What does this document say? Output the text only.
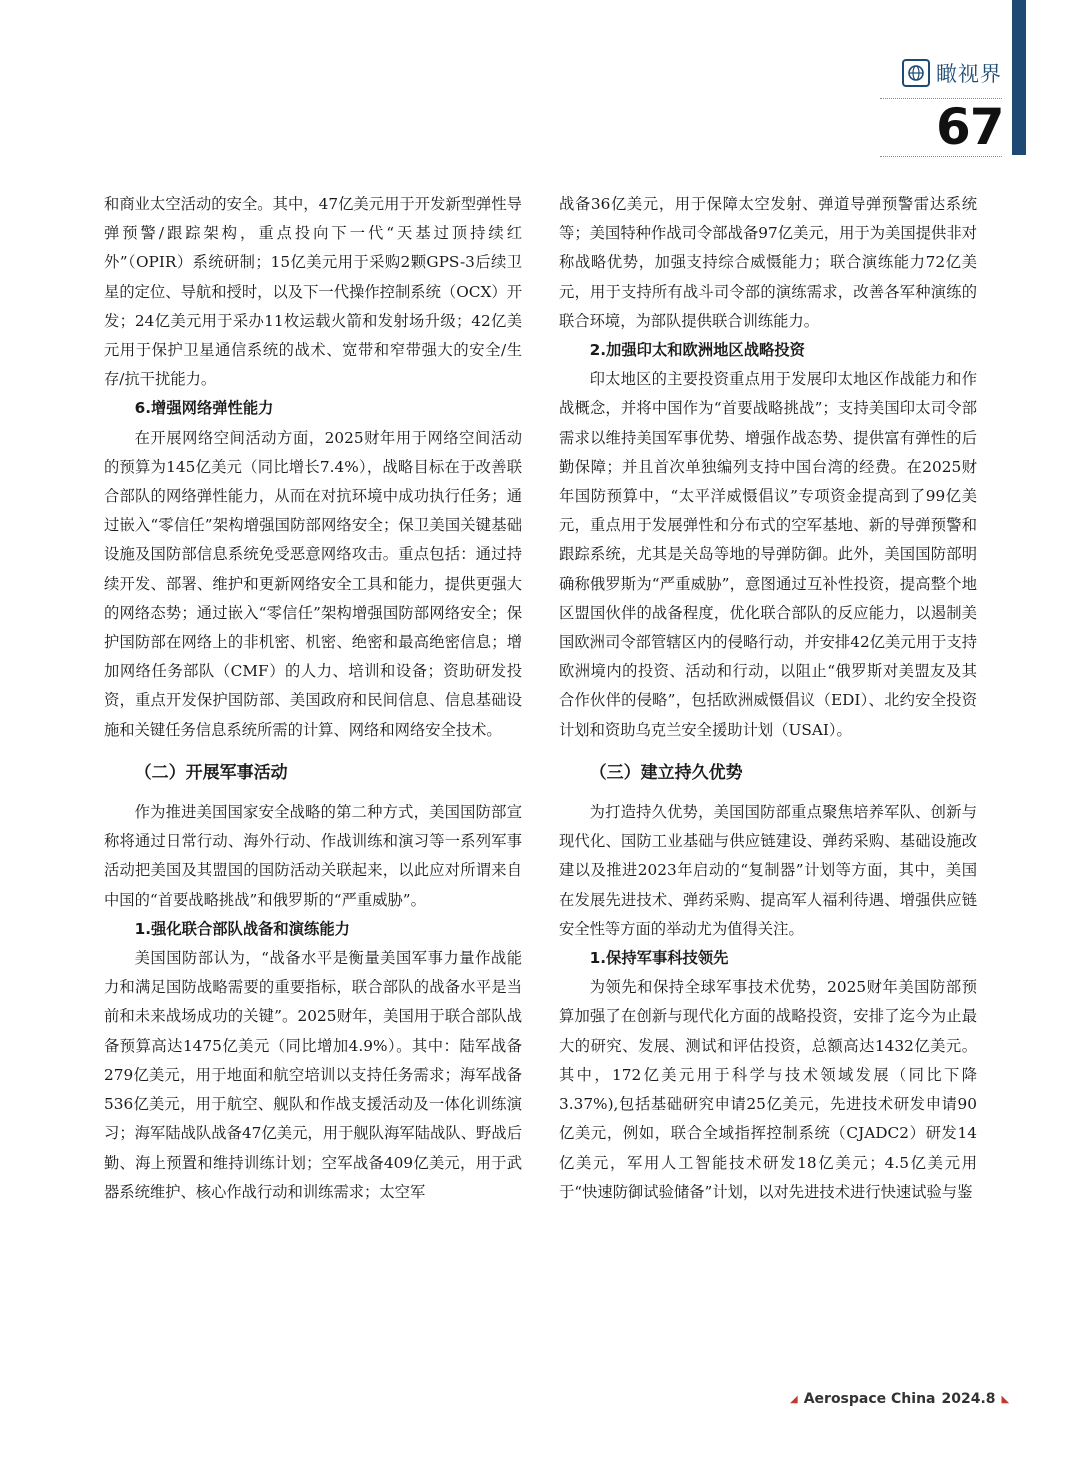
瞰视界
67

和商业太空活动的安全。其中，47亿美元用于开发新型弹性导弹预警/跟踪架构，重点投向下一代“天基过顶持续红外”（OPIR）系统研制；15亿美元用于采购2颗GPS-3后续卫星的定位、导航和授时，以及下一代操作控制系统（OCX）开发；24亿美元用于采办11枚运载火箭和发射场升级；42亿美元用于保护卫星通信系统的战术、宽带和窄带强大的安全/生存/抗干扰能力。

6.增强网络弹性能力

在开展网络空间活动方面，2025财年用于网络空间活动的预算为145亿美元（同比增长7.4%），战略目标在于改善联合部队的网络弹性能力，从而在对抗环境中成功执行任务；通过嵌入“零信任”架构增强国防部网络安全；保卫美国关键基础设施及国防部信息系统免受恶意网络攻击。重点包括：通过持续开发、部署、维护和更新网络安全工具和能力，提供更强大的网络态势；通过嵌入“零信任”架构增强国防部网络安全；保护国防部在网络上的非机密、机密、绝密和最高绝密信息；增加网络任务部队（CMF）的人力、培训和设备；资助研发投资，重点开发保护国防部、美国政府和民间信息、信息基础设施和关键任务信息系统所需的计算、网络和网络安全技术。

（二）开展军事活动

作为推进美国国家安全战略的第二种方式，美国国防部宣称将通过日常行动、海外行动、作战训练和演习等一系列军事活动把美国及其盟国的国防活动关联起来，以此应对所谓来自中国的“首要战略挑战”和俄罗斯的“严重威胁”。

1.强化联合部队战备和演练能力

美国国防部认为，“战备水平是衡量美国军事力量作战能力和满足国防战略需要的重要指标，联合部队的战备水平是当前和未来战场成功的关键”。2025财年，美国用于联合部队战备预算高达1475亿美元（同比增加4.9%）。其中：陆军战备279亿美元，用于地面和航空培训以支持任务需求；海军战备536亿美元，用于航空、舰队和作战支援活动及一体化训练演习；海军陆战队战备47亿美元，用于舰队海军陆战队、野战后勤、海上预置和维持训练计划；空军战备409亿美元，用于武器系统维护、核心作战行动和训练需求；太空军

战备36亿美元，用于保障太空发射、弹道导弹预警雷达系统等；美国特种作战司令部战备97亿美元，用于为美国提供非对称战略优势，加强支持综合威慑能力；联合演练能力72亿美元，用于支持所有战斗司令部的演练需求，改善各军种演练的联合环境，为部队提供联合训练能力。

2.加强印太和欧洲地区战略投资

印太地区的主要投资重点用于发展印太地区作战能力和作战概念，并将中国作为“首要战略挑战”；支持美国印太司令部需求以维持美国军事优势、增强作战态势、提供富有弹性的后勤保障；并且首次单独编列支持中国台湾的经费。在2025财年国防预算中，“太平洋威慑倡议”专项资金提高到了99亿美元，重点用于发展弹性和分布式的空军基地、新的导弹预警和跟踪系统，尤其是关岛等地的导弹防御。此外，美国国防部明确称俄罗斯为“严重威胁”，意图通过互补性投资，提高整个地区盟国伙伴的战备程度，优化联合部队的反应能力，以遏制美国欧洲司令部管辖区内的侵略行动，并安排42亿美元用于支持欧洲境内的投资、活动和行动，以阻止“俄罗斯对美盟友及其合作伙伴的侵略”，包括欧洲威慑倡议（EDI）、北约安全投资计划和资助乌克兰安全援助计划（USAI）。

（三）建立持久优势

为打造持久优势，美国国防部重点聚焦培养军队、创新与现代化、国防工业基础与供应链建设、弹药采购、基础设施改建以及推进2023年启动的“复制器”计划等方面，其中，美国在发展先进技术、弹药采购、提高军人福利待遇、增强供应链安全性等方面的举动尤为值得关注。

1.保持军事科技领先

为领先和保持全球军事技术优势，2025财年美国防部预算加强了在创新与现代化方面的战略投资，安排了迄今为止最大的研究、发展、测试和评估投资，总额高达1432亿美元。其中，172亿美元用于科学与技术领域发展（同比下降3.37%),包括基础研究申请25亿美元，先进技术研发申请90亿美元，例如，联合全域指挥控制系统（CJADC2）研发14亿美元，军用人工智能技术研发18亿美元；4.5亿美元用于“快速防御试验储备”计划，以对先进技术进行快速试验与鉴

◢ Aerospace China 2024.8 ◣
